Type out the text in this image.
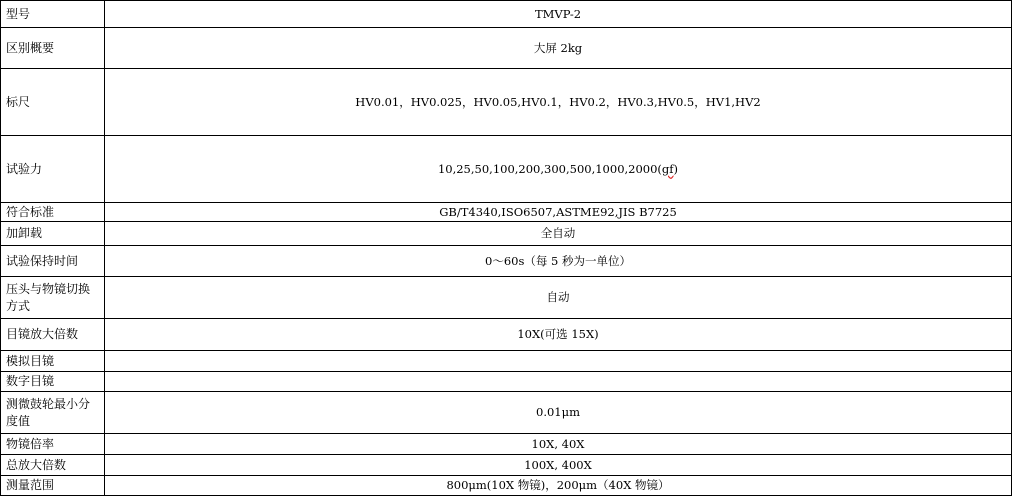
型号	TMVP-2
区别概要	大屏 2kg
标尺	HV0.01，HV0.025，HV0.05,HV0.1，HV0.2，HV0.3,HV0.5，HV1,HV2
试验力	10,25,50,100,200,300,500,1000,2000(gf)
符合标准	GB/T4340,ISO6507,ASTME92,JIS B7725
加卸载	全自动
试验保持时间	0～60s（每 5 秒为一单位）
压头与物镜切换方式	自动
目镜放大倍数	10X(可选 15X)
模拟目镜	
数字目镜	
测微鼓轮最小分度值	0.01μm
物镜倍率	10X, 40X
总放大倍数	100X, 400X
测量范围	800μm(10X 物镜)，200μm（40X 物镜）
